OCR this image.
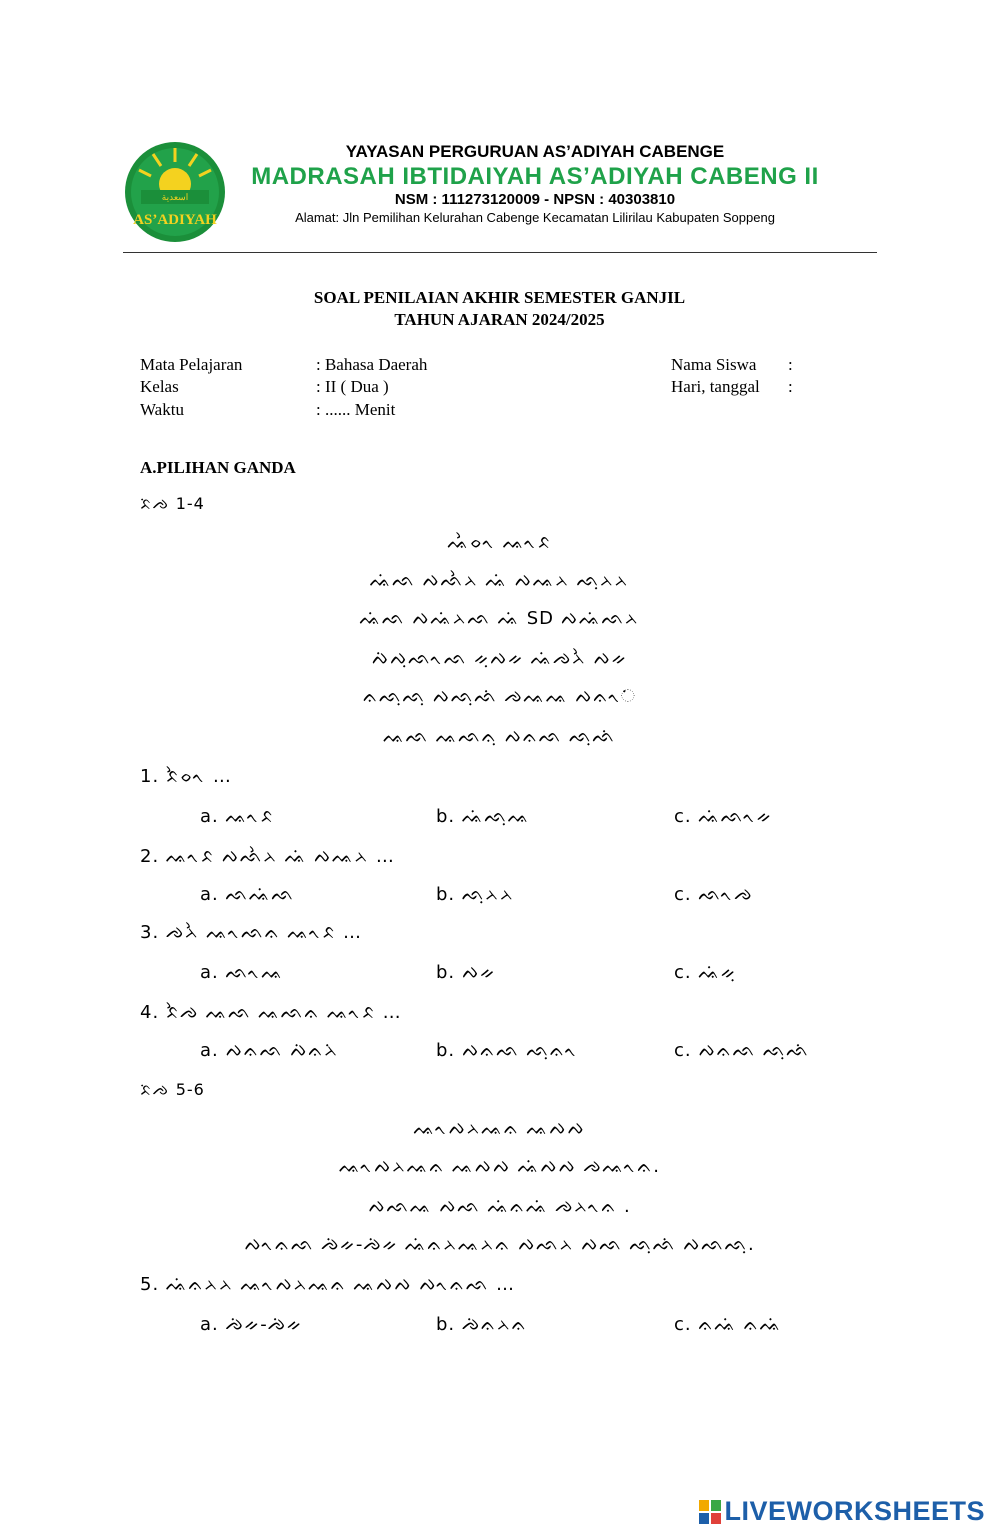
اسعدية
AS’ADIYAH
YAYASAN PERGURUAN AS’ADIYAH CABENGE
MADRASAH IBTIDAIYAH AS’ADIYAH CABENG II
NSM : 111273120009 - NPSN : 40303810
Alamat: Jln Pemilihan Kelurahan Cabenge Kecamatan Lilirilau Kabupaten Soppeng
SOAL PENILAIAN AKHIR SEMESTER GANJIL
TAHUN AJARAN 2024/2025
Mata Pelajaran	: Bahasa Daerah
Kelas	: II ( Dua )
Waktu	: ...... Menit
Nama Siswa :
Hari, tanggal :
A.PILIHAN GANDA
ᨅᨗᨌ 1-4
ᨕᨛᨔᨚ ᨕᨚᨅ
ᨕᨗᨒ ᨄᨒᨛᨂ ᨕᨗ ᨄᨕᨂ ᨒᨘᨂᨂ
ᨕᨗᨒ ᨄᨕᨗᨂᨒ ᨕᨗ SD ᨄᨕᨗᨒᨂ
ᨄᨗᨄᨘᨒᨚᨒ ᨀᨘᨄᨀ ᨕᨗᨌᨂᨛ ᨄᨀ
ᨊᨒᨘᨒᨘ ᨄᨒᨘᨒᨗ ᨌᨕᨕ ᨄᨊᨚᨗ
ᨕᨒ ᨕᨒᨊᨘ ᨄᨊᨒ ᨒᨘᨒᨗ
1. ᨅᨛᨔᨚ …
a. ᨕᨚᨅ	b. ᨕᨗᨒᨘᨕ	c. ᨕᨗᨒᨚᨀ
2. ᨕᨚᨅ ᨄᨒᨛᨂ ᨕᨗ ᨄᨕᨂ …
a. ᨒᨕᨗᨒ	b. ᨒᨘᨂᨂ	c. ᨒᨚᨌ
3. ᨌᨂᨛ ᨕᨚᨒᨊ ᨕᨚᨅ …
a. ᨒᨚᨕ	b. ᨄᨀ	c. ᨕᨗᨀᨘ
4. ᨅᨛᨌ ᨕᨒ ᨕᨒᨊ ᨕᨚᨅ …
a. ᨄᨊᨒ ᨄᨗᨊᨂᨗ	b. ᨄᨊᨒ ᨒᨘᨊᨚ	c. ᨄᨊᨒ ᨒᨘᨒᨗ
ᨅᨗᨌ 5-6
ᨕᨚᨄᨂᨕᨊ ᨕᨄᨄ
ᨕᨚᨄᨂᨕᨊ ᨕᨄᨄ ᨕᨗᨄᨄ ᨌᨕᨚᨊ.
ᨄᨒᨕ ᨄᨒ ᨕᨗᨊᨕᨗ ᨌᨂᨚᨊ .
ᨄᨚᨊᨒ ᨌᨗᨀ-ᨌᨗᨀ ᨕᨗᨊᨂᨕᨂᨊ ᨄᨒᨂ ᨄᨒ ᨒᨘᨒᨗ ᨄᨒᨒᨘ.
5. ᨕᨗᨊᨂᨂ ᨕᨚᨄᨂᨕᨊ ᨕᨄᨄ ᨄᨚᨊᨒ …
a. ᨌᨗᨀ-ᨌᨗᨀ	b. ᨌᨗᨊᨂᨊ	c. ᨊᨕᨗ ᨊᨕᨗ
LIVEWORKSHEETS
